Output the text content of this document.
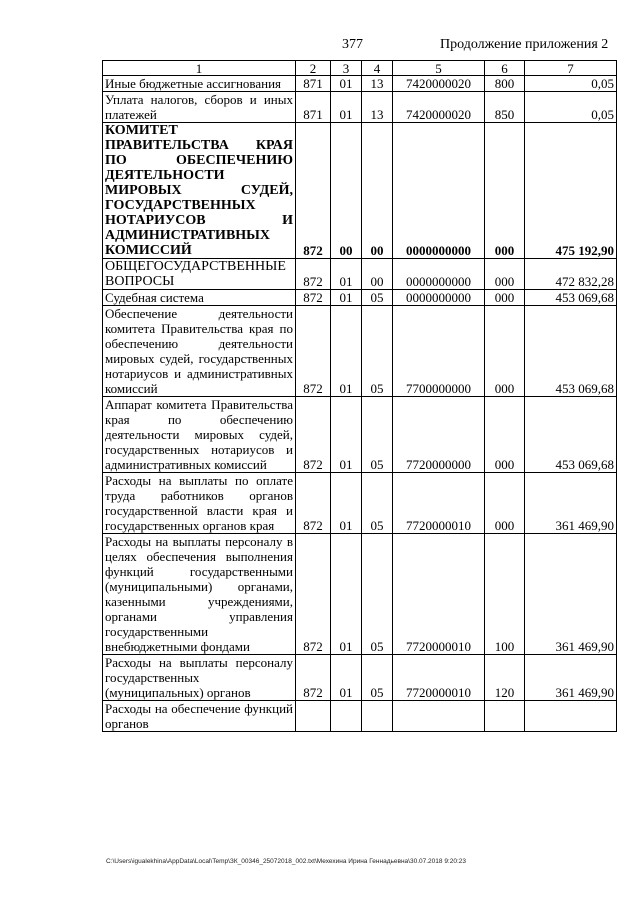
377	Продолжение приложения 2
1	2	3	4	5	6	7
Иные бюджетные ассигнования	871	01	13	7420000020	800	0,05
Уплата налогов, сборов и иных платежей	871	01	13	7420000020	850	0,05
КОМИТЕТ ПРАВИТЕЛЬСТВА КРАЯ ПО ОБЕСПЕЧЕНИЮ ДЕЯТЕЛЬНОСТИ МИРОВЫХ СУДЕЙ, ГОСУДАРСТВЕННЫХ НОТАРИУСОВ И АДМИНИСТРАТИВНЫХ КОМИССИЙ	872	00	00	0000000000	000	475 192,90
ОБЩЕГОСУДАРСТВЕННЫЕ ВОПРОСЫ	872	01	00	0000000000	000	472 832,28
Судебная система	872	01	05	0000000000	000	453 069,68
Обеспечение деятельности комитета Правительства края по обеспечению деятельности мировых судей, государственных нотариусов и административных комиссий	872	01	05	7700000000	000	453 069,68
Аппарат комитета Правительства края по обеспечению деятельности мировых судей, государственных нотариусов и административных комиссий	872	01	05	7720000000	000	453 069,68
Расходы на выплаты по оплате труда работников органов государственной власти края и государственных органов края	872	01	05	7720000010	000	361 469,90
Расходы на выплаты персоналу в целях обеспечения выполнения функций государственными (муниципальными) органами, казенными учреждениями, органами управления государственными внебюджетными фондами	872	01	05	7720000010	100	361 469,90
Расходы на выплаты персоналу государственных (муниципальных) органов	872	01	05	7720000010	120	361 469,90
Расходы на обеспечение функций органов						
C:\Users\igualekhina\AppData\Local\Temp\ЗК_00346_25072018_002.txt\Мехехина Ирина Геннадьевна\30.07.2018 9:20:23
